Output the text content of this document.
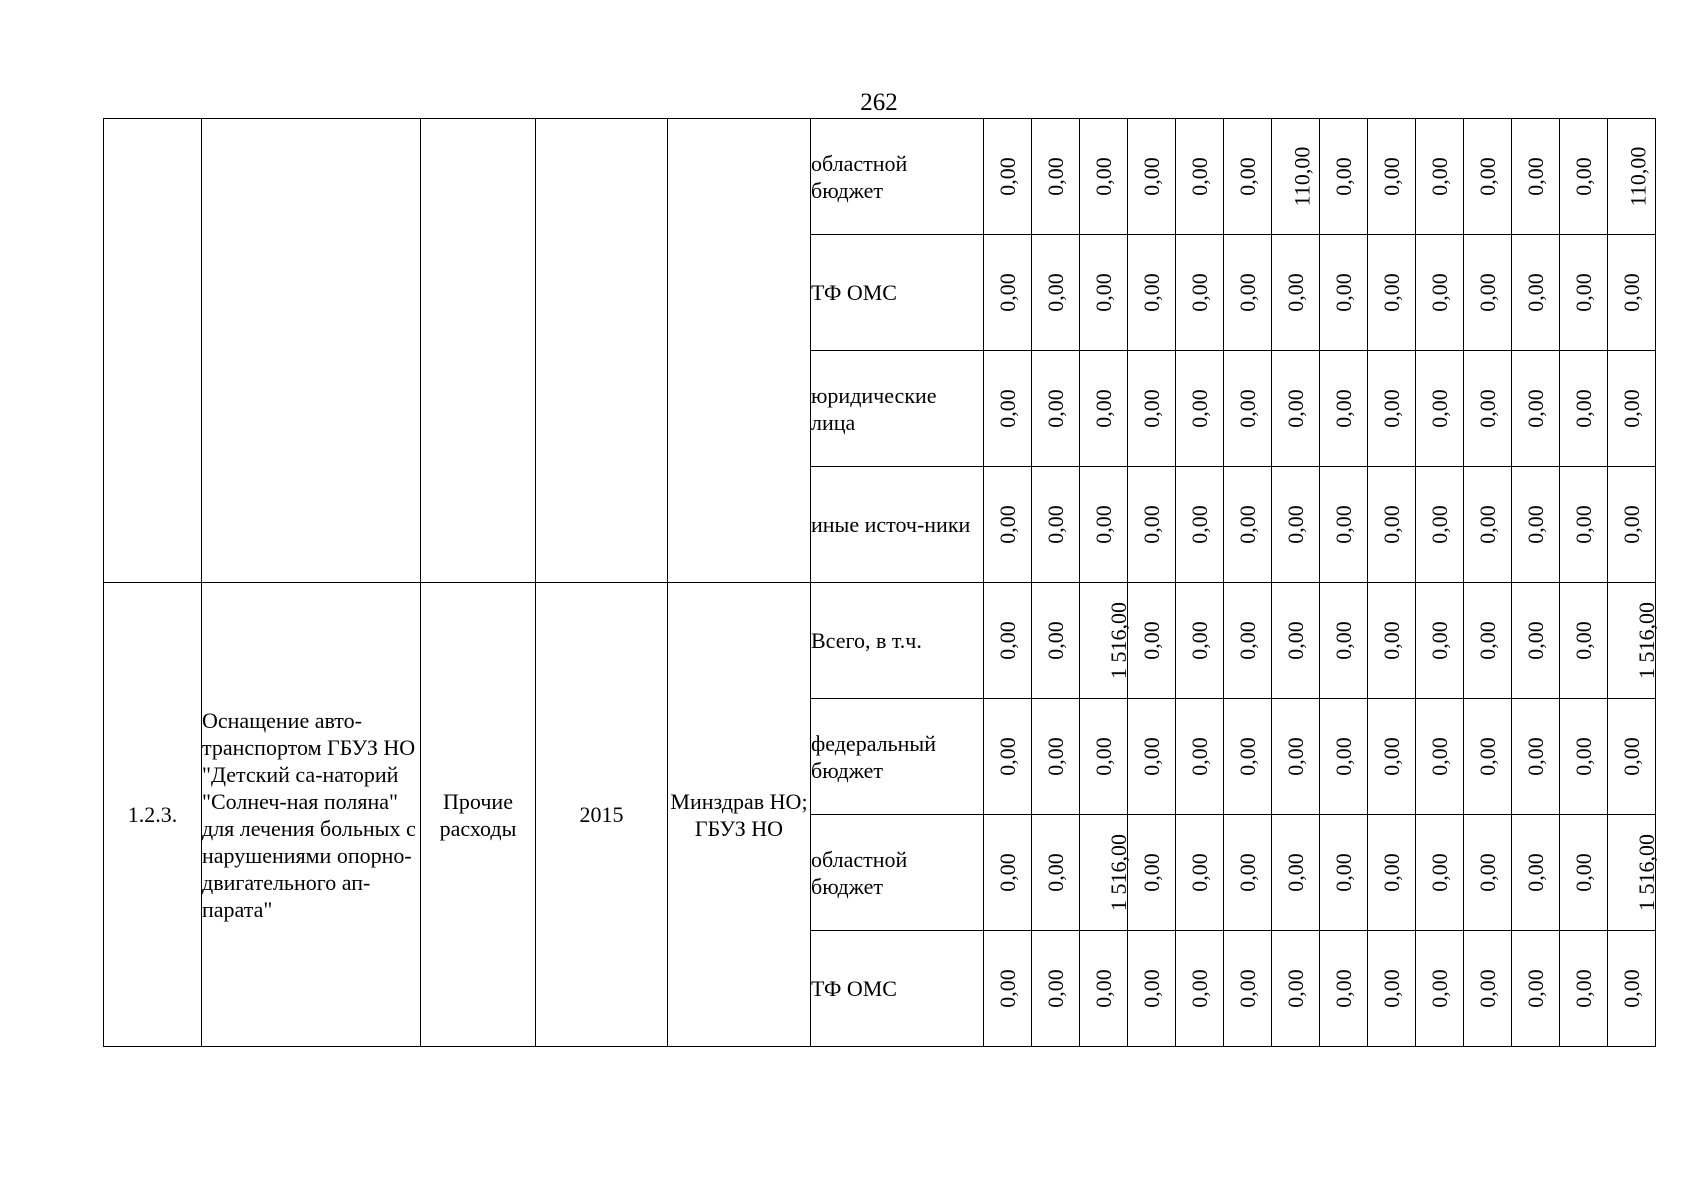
262
					областной бюджет	0,00	0,00	0,00	0,00	0,00	0,00	110,00	0,00	0,00	0,00	0,00	0,00	0,00	110,00
					ТФ ОМС	0,00	0,00	0,00	0,00	0,00	0,00	0,00	0,00	0,00	0,00	0,00	0,00	0,00	0,00
					юридические лица	0,00	0,00	0,00	0,00	0,00	0,00	0,00	0,00	0,00	0,00	0,00	0,00	0,00	0,00
					иные источ-ники	0,00	0,00	0,00	0,00	0,00	0,00	0,00	0,00	0,00	0,00	0,00	0,00	0,00	0,00
1.2.3.	Оснащение авто-транспортом ГБУЗ НО "Детский са-наторий "Солнеч-ная поляна" для лечения больных с нарушениями опорно-двигательного ап-парата"	Прочие расходы	2015	Минздрав НО; ГБУЗ НО	Всего, в т.ч.	0,00	0,00	1 516,00	0,00	0,00	0,00	0,00	0,00	0,00	0,00	0,00	0,00	0,00	1 516,00
					федеральный бюджет	0,00	0,00	0,00	0,00	0,00	0,00	0,00	0,00	0,00	0,00	0,00	0,00	0,00	0,00
					областной бюджет	0,00	0,00	1 516,00	0,00	0,00	0,00	0,00	0,00	0,00	0,00	0,00	0,00	0,00	1 516,00
					ТФ ОМС	0,00	0,00	0,00	0,00	0,00	0,00	0,00	0,00	0,00	0,00	0,00	0,00	0,00	0,00
